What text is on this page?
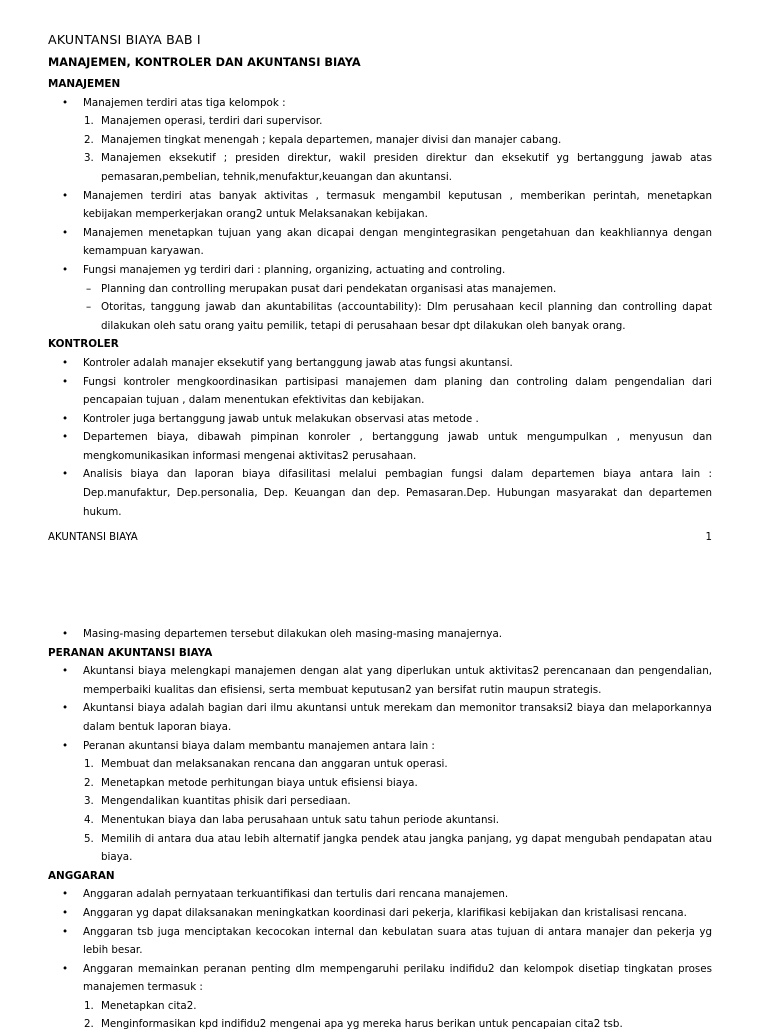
AKUNTANSI BIAYA BAB I
MANAJEMEN, KONTROLER DAN AKUNTANSI BIAYA
MANAJEMEN
• Manajemen terdiri atas tiga kelompok :
1. Manajemen operasi, terdiri dari supervisor.
2. Manajemen tingkat menengah ; kepala departemen, manajer divisi dan manajer cabang.
3. Manajemen eksekutif ; presiden direktur, wakil presiden direktur dan eksekutif yg bertanggung jawab atas pemasaran,pembelian, tehnik,menufaktur,keuangan dan akuntansi.
• Manajemen terdiri atas banyak aktivitas , termasuk mengambil keputusan , memberikan perintah, menetapkan kebijakan memperkerjakan orang2 untuk Melaksanakan kebijakan.
• Manajemen menetapkan tujuan yang akan dicapai dengan mengintegrasikan pengetahuan dan keakhliannya dengan kemampuan karyawan.
• Fungsi manajemen yg terdiri dari : planning, organizing, actuating and controling.
– Planning dan controlling merupakan pusat dari pendekatan organisasi atas manajemen.
– Otoritas, tanggung jawab dan akuntabilitas (accountability): Dlm perusahaan kecil planning dan controlling dapat dilakukan oleh satu orang yaitu pemilik, tetapi di perusahaan besar dpt dilakukan oleh banyak orang.
KONTROLER
• Kontroler adalah manajer eksekutif yang bertanggung jawab atas fungsi akuntansi.
• Fungsi kontroler mengkoordinasikan partisipasi manajemen dam planing dan controling dalam pengendalian dari pencapaian tujuan , dalam menentukan efektivitas dan kebijakan.
• Kontroler juga bertanggung jawab untuk melakukan observasi atas metode .
• Departemen biaya, dibawah pimpinan konroler , bertanggung jawab untuk mengumpulkan , menyusun dan mengkomunikasikan informasi mengenai aktivitas2 perusahaan.
• Analisis biaya dan laporan biaya difasilitasi melalui pembagian fungsi dalam departemen biaya antara lain : Dep.manufaktur, Dep.personalia, Dep. Keuangan dan dep. Pemasaran.Dep. Hubungan masyarakat dan departemen hukum.
AKUNTANSI BIAYA	1
• Masing-masing departemen tersebut dilakukan oleh masing-masing manajernya.
PERANAN AKUNTANSI BIAYA
• Akuntansi biaya melengkapi manajemen dengan alat yang diperlukan untuk aktivitas2 perencanaan dan pengendalian, memperbaiki kualitas dan efisiensi, serta membuat keputusan2 yan bersifat rutin maupun strategis.
• Akuntansi biaya adalah bagian dari ilmu akuntansi untuk merekam dan memonitor transaksi2 biaya dan melaporkannya dalam bentuk laporan biaya.
• Peranan akuntansi biaya dalam membantu manajemen antara lain :
1. Membuat dan melaksanakan rencana dan anggaran untuk operasi.
2. Menetapkan metode perhitungan biaya untuk efisiensi biaya.
3. Mengendalikan kuantitas phisik dari persediaan.
4. Menentukan biaya dan laba perusahaan untuk satu tahun periode akuntansi.
5. Memilih di antara dua atau lebih alternatif jangka pendek atau jangka panjang, yg dapat mengubah pendapatan atau biaya.
ANGGARAN
• Anggaran adalah pernyataan terkuantifikasi dan tertulis dari rencana manajemen.
• Anggaran yg dapat dilaksanakan meningkatkan koordinasi dari pekerja, klarifikasi kebijakan dan kristalisasi rencana.
• Anggaran tsb juga menciptakan kecocokan internal dan kebulatan suara atas tujuan di antara manajer dan pekerja yg lebih besar.
• Anggaran memainkan peranan penting dlm mempengaruhi perilaku indifidu2 dan kelompok disetiap tingkatan proses manajemen termasuk :
1. Menetapkan cita2.
2. Menginformasikan kpd indifidu2 mengenai apa yg mereka harus berikan untuk pencapaian cita2 tsb.
